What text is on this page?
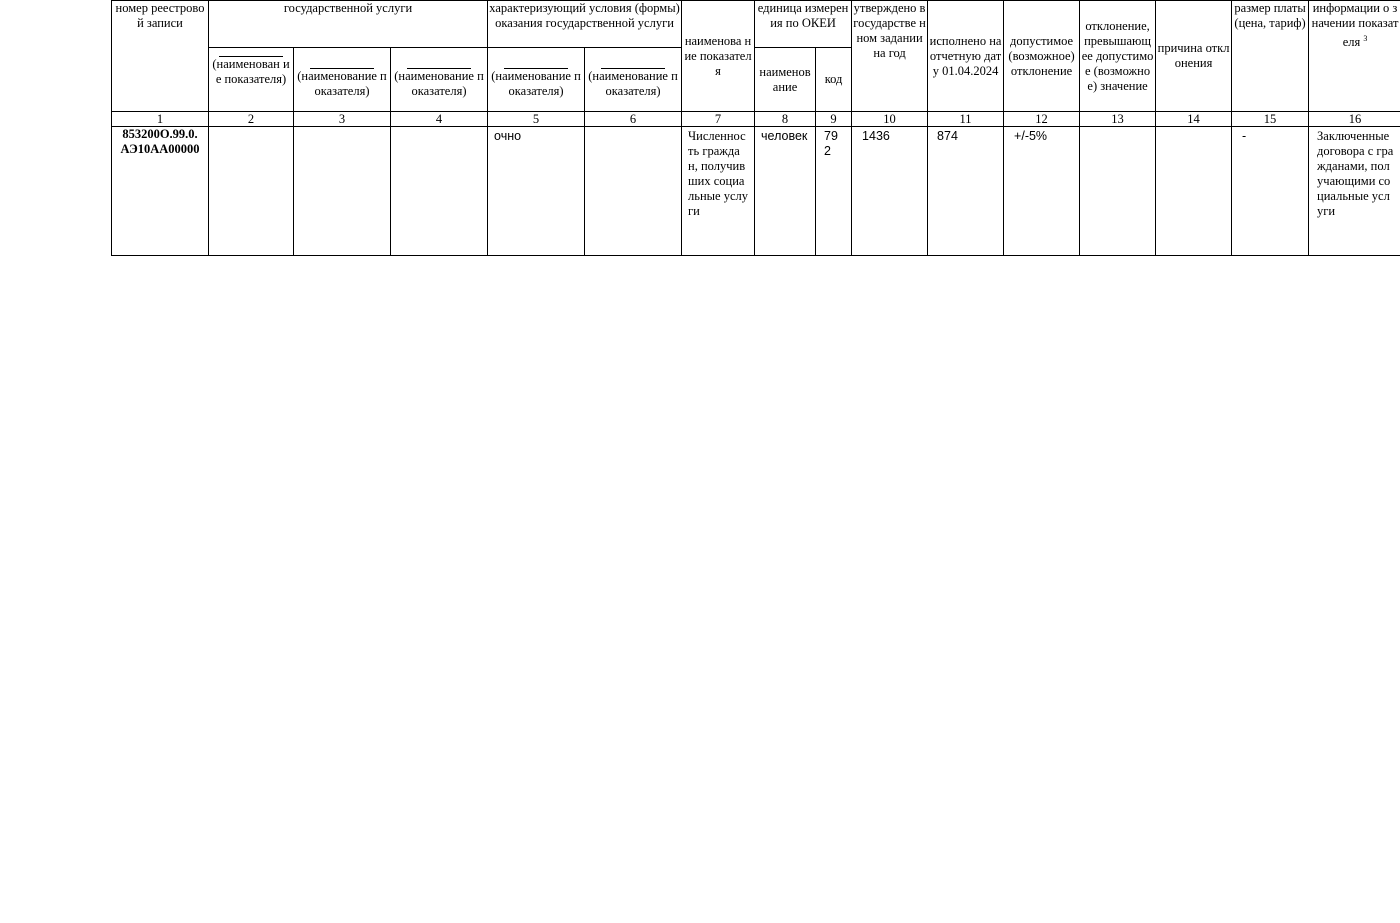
номер реестровой записи	государственной услуги			характеризующий условия (формы) оказания государственной услуги		наименова ние показателя	единица измерения по ОКЕИ		утверждено в государстве нном задании на год	исполнено на отчетную дату 01.04.2024	допустимое (возможное) отклонение	отклонение, превышающ ее допустимое (возможное) значение	причина отклонения	размер платы (цена, тариф)	информации о значении показателя $^3$

(наименован ие показателя)	(наименование показателя)	(наименование показателя)	(наименование показателя)	(наименование показателя)		наименов ание	код							
1	2	3	4	5	6	7	8	9	10	11	12	13	14	15	16
853200О.99.0.АЭ10АА00000				очно		Численность граждан, получивших социальные услуги	человек	792	1436	874	+/-5%			-	Заключенные договора с гражданами, получающими социальные услуги
